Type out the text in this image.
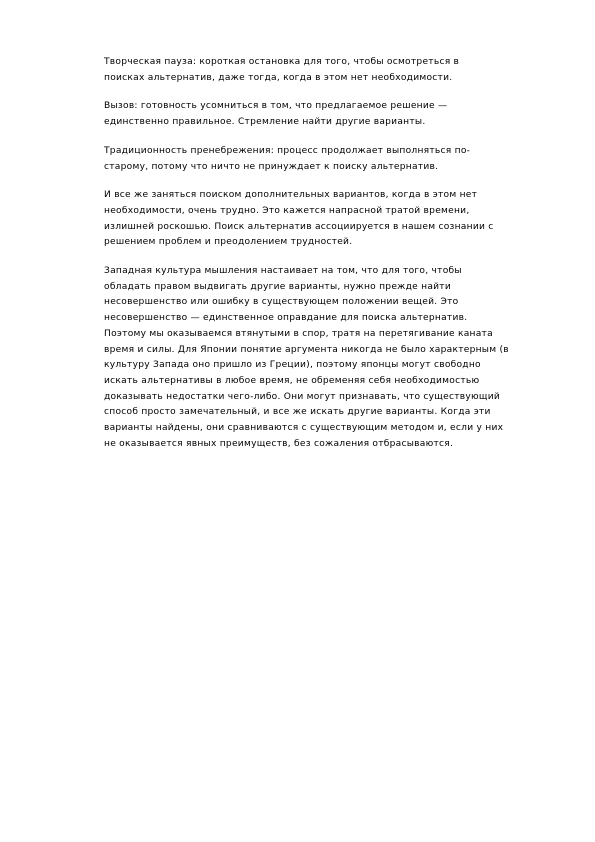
Творческая пауза: короткая остановка для того, чтобы осмотреться в
поисках альтернатив, даже тогда, когда в этом нет необходимости.

Вызов: готовность усомниться в том, что предлагаемое решение —
единственно правильное. Стремление найти другие варианты.

Традиционность пренебрежения: процесс продолжает выполняться по-
старому, потому что ничто не принуждает к поиску альтернатив.

И все же заняться поиском дополнительных вариантов, когда в этом нет
необходимости, очень трудно. Это кажется напрасной тратой времени,
излишней роскошью. Поиск альтернатив ассоциируется в нашем сознании с
решением проблем и преодолением трудностей.

Западная культура мышления настаивает на том, что для того, чтобы
обладать правом выдвигать другие варианты, нужно прежде найти
несовершенство или ошибку в существующем положении вещей. Это
несовершенство — единственное оправдание для поиска альтернатив.
Поэтому мы оказываемся втянутыми в спор, тратя на перетягивание каната
время и силы. Для Японии понятие аргумента никогда не было характерным (в
культуру Запада оно пришло из Греции), поэтому японцы могут свободно
искать альтернативы в любое время, не обременяя себя необходимостью
доказывать недостатки чего-либо. Они могут признавать, что существующий
способ просто замечательный, и все же искать другие варианты. Когда эти
варианты найдены, они сравниваются с существующим методом и, если у них
не оказывается явных преимуществ, без сожаления отбрасываются.
